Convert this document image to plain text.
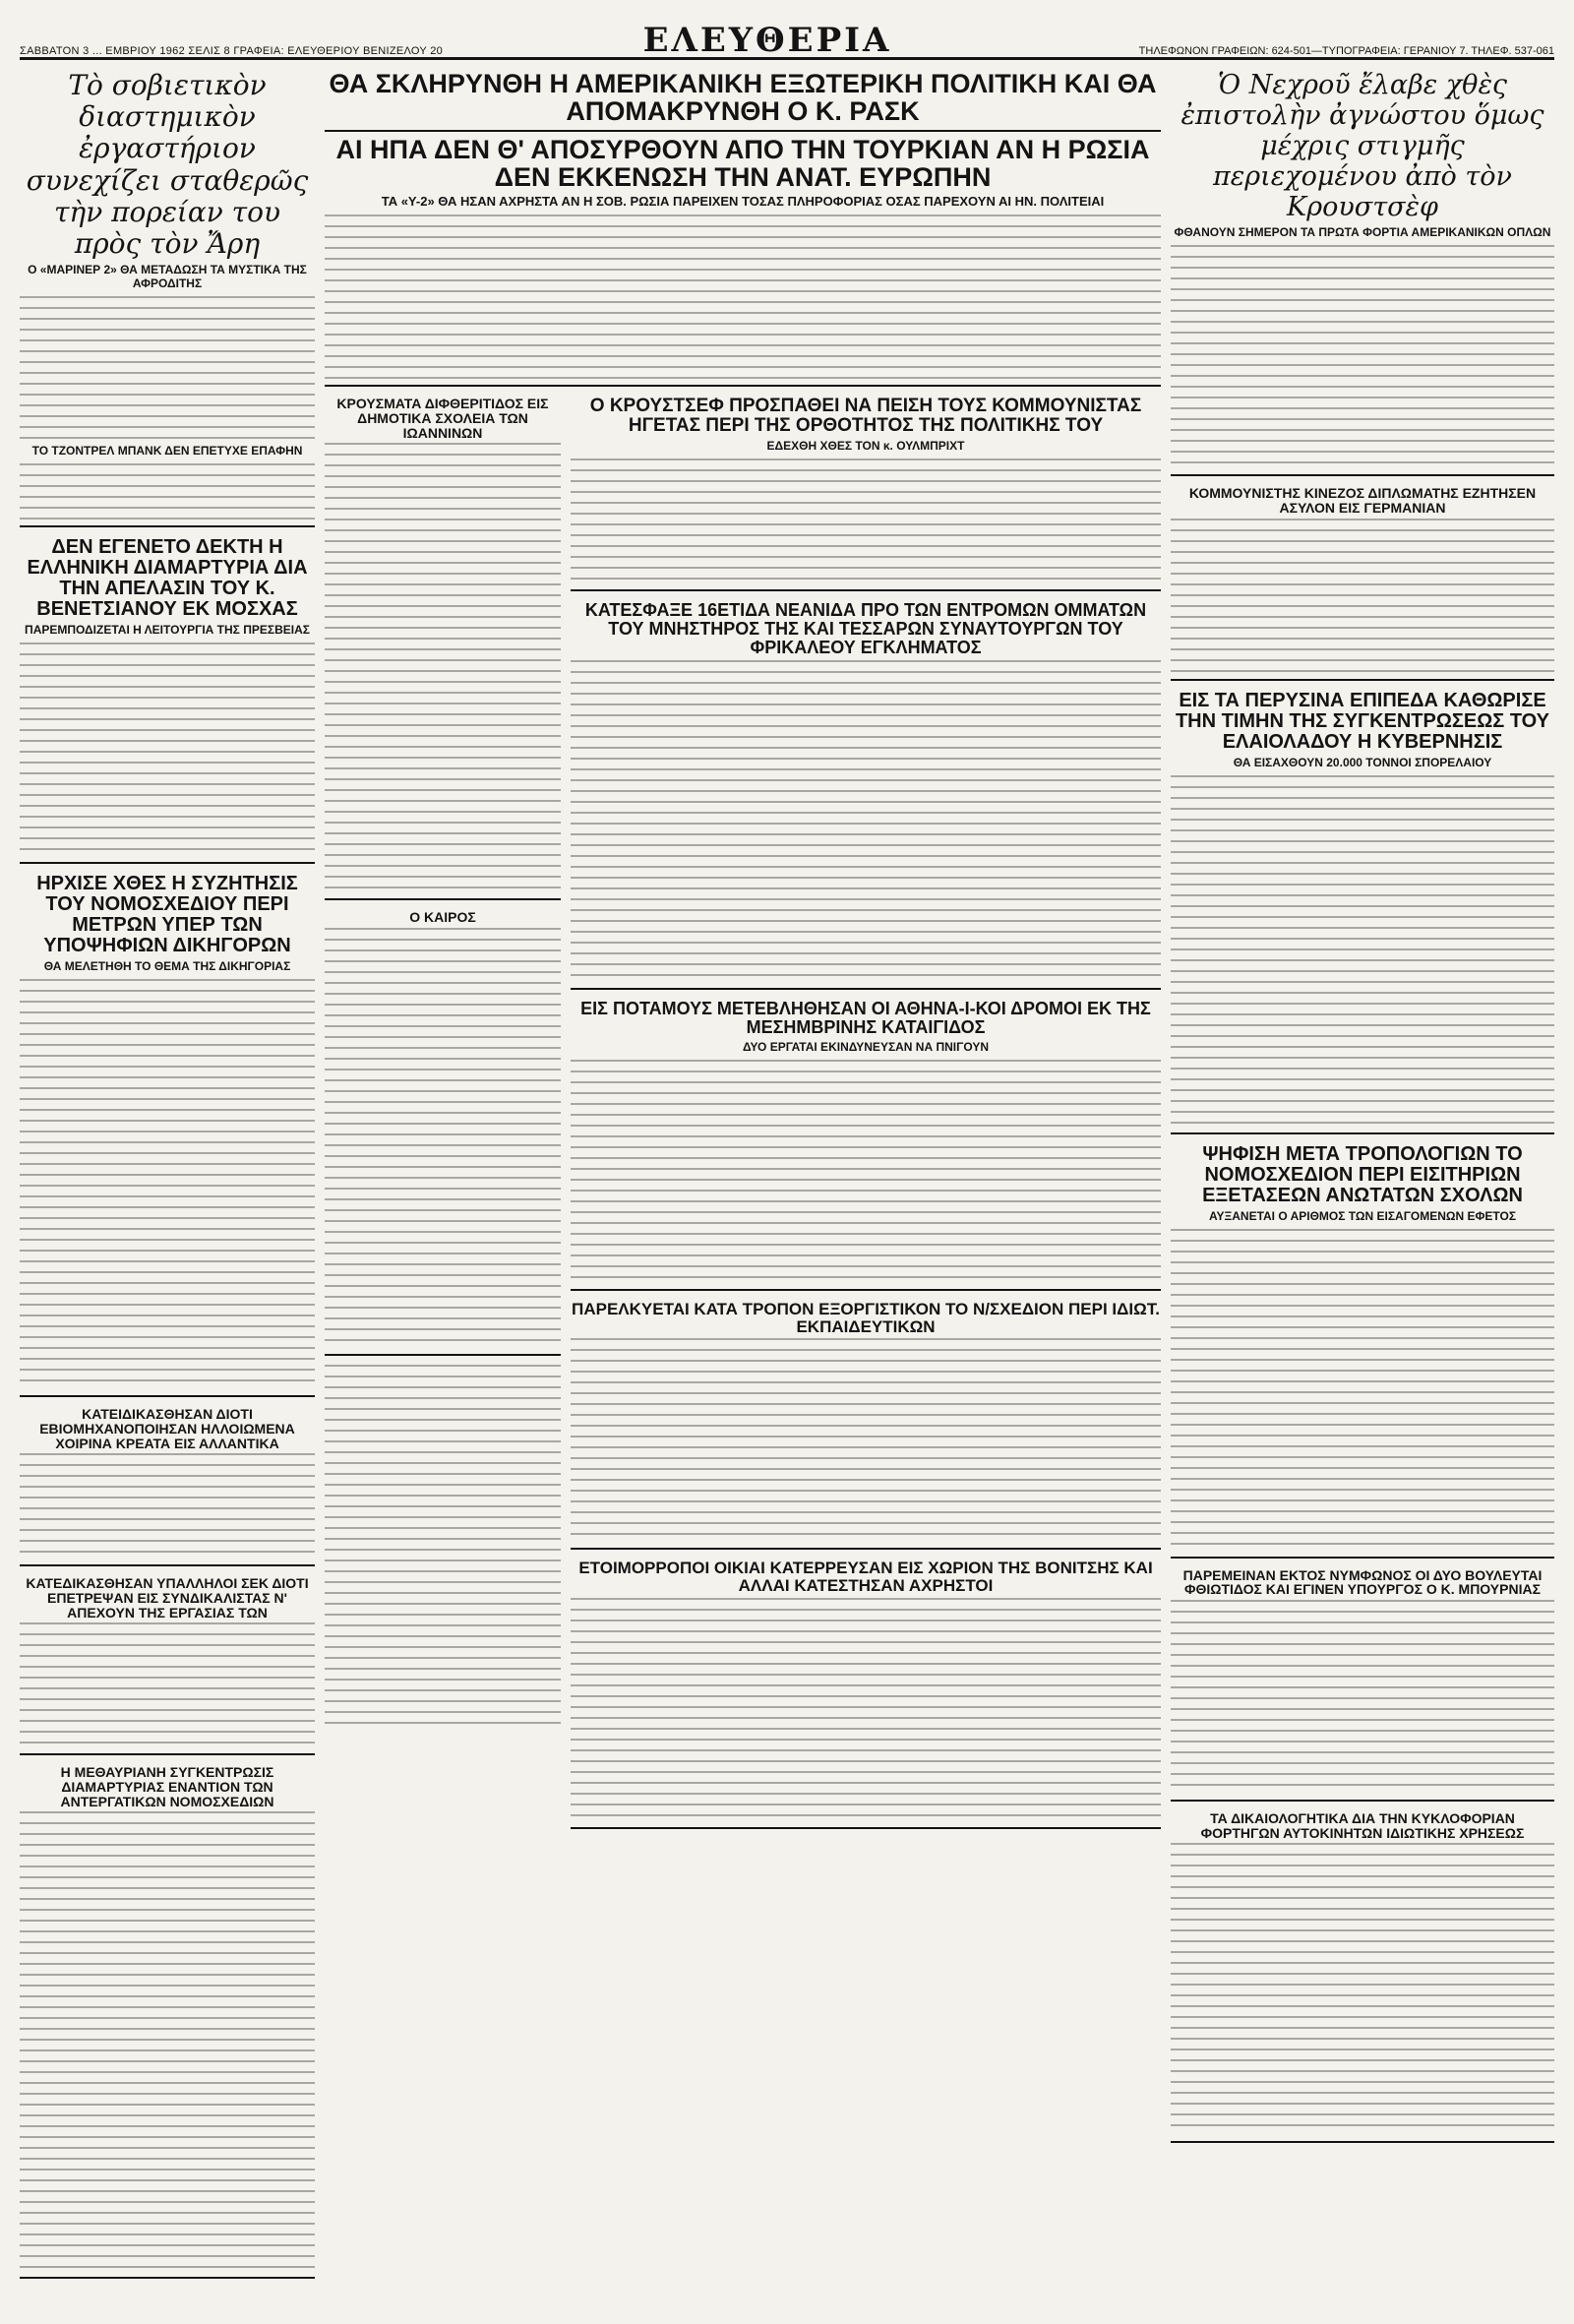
ΣΑΒΒΑΤΟΝ 3 ... ΕΜΒΡΙΟΥ 1962 ΣΕΛΙΣ 8 ΓΡΑΦΕΙΑ: ΕΛΕΥΘΕΡΙΟΥ ΒΕΝΙΖΕΛΟΥ 20	ΕΛΕΥΘΕΡΙΑ	ΤΗΛΕΦΩΝΟΝ ΓΡΑΦΕΙΩΝ: 624-501—ΤΥΠΟΓΡΑΦΕΙΑ: ΓΕΡΑΝΙΟΥ 7. ΤΗΛΕΦ. 537-061
Τὸ σοβιετικὸν διαστημικὸν ἐργαστήριον συνεχίζει σταθερῶς τὴν πορείαν του πρὸς τὸν Ἄρη
Ο «ΜΑΡΙΝΕΡ 2» ΘΑ ΜΕΤΑΔΩΣΗ ΤΑ ΜΥΣΤΙΚΑ ΤΗΣ ΑΦΡΟΔΙΤΗΣ
ΤΟ ΤΖΟΝΤΡΕΛ ΜΠΑΝΚ ΔΕΝ ΕΠΕΤΥΧΕ ΕΠΑΦΗΝ
ΔΕΝ ΕΓΕΝΕΤΟ ΔΕΚΤΗ Η ΕΛΛΗΝΙΚΗ ΔΙΑΜΑΡΤΥΡΙΑ ΔΙΑ ΤΗΝ ΑΠΕΛΑΣΙΝ ΤΟΥ Κ. ΒΕΝΕΤΣΙΑΝΟΥ ΕΚ ΜΟΣΧΑΣ
ΠΑΡΕΜΠΟΔΙΖΕΤΑΙ Η ΛΕΙΤΟΥΡΓΙΑ ΤΗΣ ΠΡΕΣΒΕΙΑΣ
ΗΡΧΙΣΕ ΧΘΕΣ Η ΣΥΖΗΤΗΣΙΣ ΤΟΥ ΝΟΜΟΣΧΕΔΙΟΥ ΠΕΡΙ ΜΕΤΡΩΝ ΥΠΕΡ ΤΩΝ ΥΠΟΨΗΦΙΩΝ ΔΙΚΗΓΟΡΩΝ
ΘΑ ΜΕΛΕΤΗΘΗ ΤΟ ΘΕΜΑ ΤΗΣ ΔΙΚΗΓΟΡΙΑΣ
ΚΑΤΕΙΔΙΚΑΣΘΗΣΑΝ ΔΙΟΤΙ ΕΒΙΟΜΗΧΑΝΟΠΟΙΗΣΑΝ ΗΛΛΟΙΩΜΕΝΑ ΧΟΙΡΙΝΑ ΚΡΕΑΤΑ ΕΙΣ ΑΛΛΑΝΤΙΚΑ
ΚΑΤΕΔΙΚΑΣΘΗΣΑΝ ΥΠΑΛΛΗΛΟΙ ΣΕΚ ΔΙΟΤΙ ΕΠΕΤΡΕΨΑΝ ΕΙΣ ΣΥΝΔΙΚΑΛΙΣΤΑΣ Ν' ΑΠΕΧΟΥΝ ΤΗΣ ΕΡΓΑΣΙΑΣ ΤΩΝ
Η ΜΕΘΑΥΡΙΑΝΗ ΣΥΓΚΕΝΤΡΩΣΙΣ ΔΙΑΜΑΡΤΥΡΙΑΣ ΕΝΑΝΤΙΟΝ ΤΩΝ ΑΝΤΕΡΓΑΤΙΚΩΝ ΝΟΜΟΣΧΕΔΙΩΝ
ΘΑ ΣΚΛΗΡΥΝΘΗ Η ΑΜΕΡΙΚΑΝΙΚΗ ΕΞΩΤΕΡΙΚΗ ΠΟΛΙΤΙΚΗ ΚΑΙ ΘΑ ΑΠΟΜΑΚΡΥΝΘΗ Ο Κ. ΡΑΣΚ
ΑΙ ΗΠΑ ΔΕΝ Θ' ΑΠΟΣΥΡΘΟΥΝ ΑΠΟ ΤΗΝ ΤΟΥΡΚΙΑΝ ΑΝ Η ΡΩΣΙΑ ΔΕΝ ΕΚΚΕΝΩΣΗ ΤΗΝ ΑΝΑΤ. ΕΥΡΩΠΗΝ
ΤΑ «Υ-2» ΘΑ ΗΣΑΝ ΑΧΡΗΣΤΑ ΑΝ Η ΣΟΒ. ΡΩΣΙΑ ΠΑΡΕΙΧΕΝ ΤΟΣΑΣ ΠΛΗΡΟΦΟΡΙΑΣ ΟΣΑΣ ΠΑΡΕΧΟΥΝ ΑΙ ΗΝ. ΠΟΛΙΤΕΙΑΙ
ΚΡΟΥΣΜΑΤΑ ΔΙΦΘΕΡΙΤΙΔΟΣ ΕΙΣ ΔΗΜΟΤΙΚΑ ΣΧΟΛΕΙΑ ΤΩΝ ΙΩΑΝΝΙΝΩΝ
Ο ΚΑΙΡΟΣ
Ο ΚΡΟΥΣΤΣΕΦ ΠΡΟΣΠΑΘΕΙ ΝΑ ΠΕΙΣΗ ΤΟΥΣ ΚΟΜΜΟΥΝΙΣΤΑΣ ΗΓΕΤΑΣ ΠΕΡΙ ΤΗΣ ΟΡΘΟΤΗΤΟΣ ΤΗΣ ΠΟΛΙΤΙΚΗΣ ΤΟΥ
ΕΔΕΧΘΗ ΧΘΕΣ ΤΟΝ κ. ΟΥΛΜΠΡΙΧΤ
ΚΑΤΕΣΦΑΞΕ 16ΕΤΙΔΑ ΝΕΑΝΙΔΑ ΠΡΟ ΤΩΝ ΕΝΤΡΟΜΩΝ ΟΜΜΑΤΩΝ ΤΟΥ ΜΝΗΣΤΗΡΟΣ ΤΗΣ ΚΑΙ ΤΕΣΣΑΡΩΝ ΣΥΝΑΥΤΟΥΡΓΩΝ ΤΟΥ ΦΡΙΚΑΛΕΟΥ ΕΓΚΛΗΜΑΤΟΣ
ΕΙΣ ΠΟΤΑΜΟΥΣ ΜΕΤΕΒΛΗΘΗΣΑΝ ΟΙ ΑΘΗΝΑ-Ι-ΚΟΙ ΔΡΟΜΟΙ ΕΚ ΤΗΣ ΜΕΣΗΜΒΡΙΝΗΣ ΚΑΤΑΙΓΙΔΟΣ
ΔΥΟ ΕΡΓΑΤΑΙ ΕΚΙΝΔΥΝΕΥΣΑΝ ΝΑ ΠΝΙΓΟΥΝ
ΠΑΡΕΛΚΥΕΤΑΙ ΚΑΤΑ ΤΡΟΠΟΝ ΕΞΟΡΓΙΣΤΙΚΟΝ ΤΟ Ν/ΣΧΕΔΙΟΝ ΠΕΡΙ ΙΔΙΩΤ. ΕΚΠΑΙΔΕΥΤΙΚΩΝ
ΕΤΟΙΜΟΡΡΟΠΟΙ ΟΙΚΙΑΙ ΚΑΤΕΡΡΕΥΣΑΝ ΕΙΣ ΧΩΡΙΟΝ ΤΗΣ ΒΟΝΙΤΣΗΣ ΚΑΙ ΑΛΛΑΙ ΚΑΤΕΣΤΗΣΑΝ ΑΧΡΗΣΤΟΙ
Ὁ Νεχροῦ ἔλαβε χθὲς ἐπιστολὴν ἀγνώστου ὅμως μέχρις στιγμῆς περιεχομένου ἀπὸ τὸν Κρουστσὲφ
ΦΘΑΝΟΥΝ ΣΗΜΕΡΟΝ ΤΑ ΠΡΩΤΑ ΦΟΡΤΙΑ ΑΜΕΡΙΚΑΝΙΚΩΝ ΟΠΛΩΝ
ΚΟΜΜΟΥΝΙΣΤΗΣ ΚΙΝΕΖΟΣ ΔΙΠΛΩΜΑΤΗΣ ΕΖΗΤΗΣΕΝ ΑΣΥΛΟΝ ΕΙΣ ΓΕΡΜΑΝΙΑΝ
ΕΙΣ ΤΑ ΠΕΡΥΣΙΝΑ ΕΠΙΠΕΔΑ ΚΑΘΩΡΙΣΕ ΤΗΝ ΤΙΜΗΝ ΤΗΣ ΣΥΓΚΕΝΤΡΩΣΕΩΣ ΤΟΥ ΕΛΑΙΟΛΑΔΟΥ Η ΚΥΒΕΡΝΗΣΙΣ
ΘΑ ΕΙΣΑΧΘΟΥΝ 20.000 ΤΟΝΝΟΙ ΣΠΟΡΕΛΑΙΟΥ
ΨΗΦΙΣΗ ΜΕΤΑ ΤΡΟΠΟΛΟΓΙΩΝ ΤΟ ΝΟΜΟΣΧΕΔΙΟΝ ΠΕΡΙ ΕΙΣΙΤΗΡΙΩΝ ΕΞΕΤΑΣΕΩΝ ΑΝΩΤΑΤΩΝ ΣΧΟΛΩΝ
ΑΥΞΑΝΕΤΑΙ Ο ΑΡΙΘΜΟΣ ΤΩΝ ΕΙΣΑΓΟΜΕΝΩΝ ΕΦΕΤΟΣ
ΠΑΡΕΜΕΙΝΑΝ ΕΚΤΟΣ ΝΥΜΦΩΝΟΣ ΟΙ ΔΥΟ ΒΟΥΛΕΥΤΑΙ ΦΘΙΩΤΙΔΟΣ ΚΑΙ ΕΓΙΝΕΝ ΥΠΟΥΡΓΟΣ Ο Κ. ΜΠΟΥΡΝΙΑΣ
ΤΑ ΔΙΚΑΙΟΛΟΓΗΤΙΚΑ ΔΙΑ ΤΗΝ ΚΥΚΛΟΦΟΡΙΑΝ ΦΟΡΤΗΓΩΝ ΑΥΤΟΚΙΝΗΤΩΝ ΙΔΙΩΤΙΚΗΣ ΧΡΗΣΕΩΣ
